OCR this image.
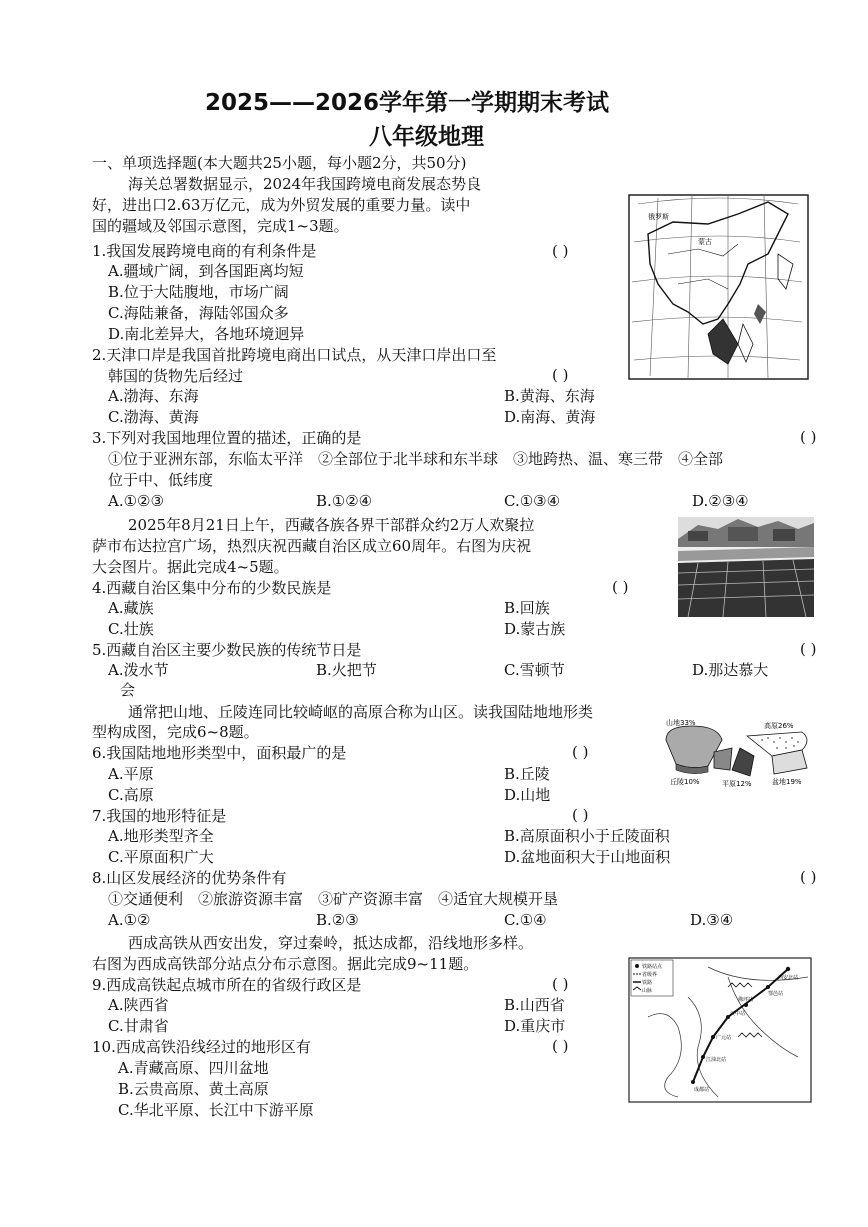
2025——2026学年第一学期期末考试
八年级地理
一、单项选择题(本大题共25小题，每小题2分，共50分)
海关总署数据显示，2024年我国跨境电商发展态势良
好，进出口2.63万亿元，成为外贸发展的重要力量。读中
国的疆域及邻国示意图，完成1~3题。	俄罗斯
蒙古
1.我国发展跨境电商的有利条件是	( )
A.疆域广阔，到各国距离均短
B.位于大陆腹地，市场广阔
C.海陆兼备，海陆邻国众多
D.南北差异大，各地环境迥异
2.天津口岸是我国首批跨境电商出口试点，从天津口岸出口至
韩国的货物先后经过	( )
A.渤海、东海	B.黄海、东海
C.渤海、黄海	D.南海、黄海
3.下列对我国地理位置的描述，正确的是	( )
①位于亚洲东部，东临太平洋　②全部位于北半球和东半球　③地跨热、温、寒三带　④全部
位于中、低纬度
A.①②③	B.①②④	C.①③④	D.②③④
2025年8月21日上午，西藏各族各界干部群众约2万人欢聚拉
萨市布达拉宫广场，热烈庆祝西藏自治区成立60周年。右图为庆祝
大会图片。据此完成4~5题。
4.西藏自治区集中分布的少数民族是	( )
A.藏族	B.回族
C.壮族	D.蒙古族
5.西藏自治区主要少数民族的传统节日是	( )
A.泼水节	B.火把节	C.雪顿节	D.那达慕大
会
通常把山地、丘陵连同比较崎岖的高原合称为山区。读我国陆地地形类
型构成图，完成6~8题。	山地33%	高原26%
丘陵10%	平原12%	盆地19%
6.我国陆地地形类型中，面积最广的是	( )
A.平原	B.丘陵
C.高原	D.山地
7.我国的地形特征是	( )
A.地形类型齐全	B.高原面积小于丘陵面积
C.平原面积广大	D.盆地面积大于山地面积
8.山区发展经济的优势条件有	( )
①交通便利　②旅游资源丰富　③矿产资源丰富　④适宜大规模开垦
A.①②	B.②③	C.①④	D.③④
西成高铁从西安出发，穿过秦岭，抵达成都，沿线地形多样。
右图为西成高铁部分站点分布示意图。据此完成9~11题。	铁路站点
省级界
铁路
山脉
西安北站
鄠邑站
佛坪站
汉中站
广元站
江油北站
成都站
9.西成高铁起点城市所在的省级行政区是	( )
A.陕西省	B.山西省
C.甘肃省	D.重庆市
10.西成高铁沿线经过的地形区有	( )
A.青藏高原、四川盆地
B.云贵高原、黄土高原
C.华北平原、长江中下游平原
